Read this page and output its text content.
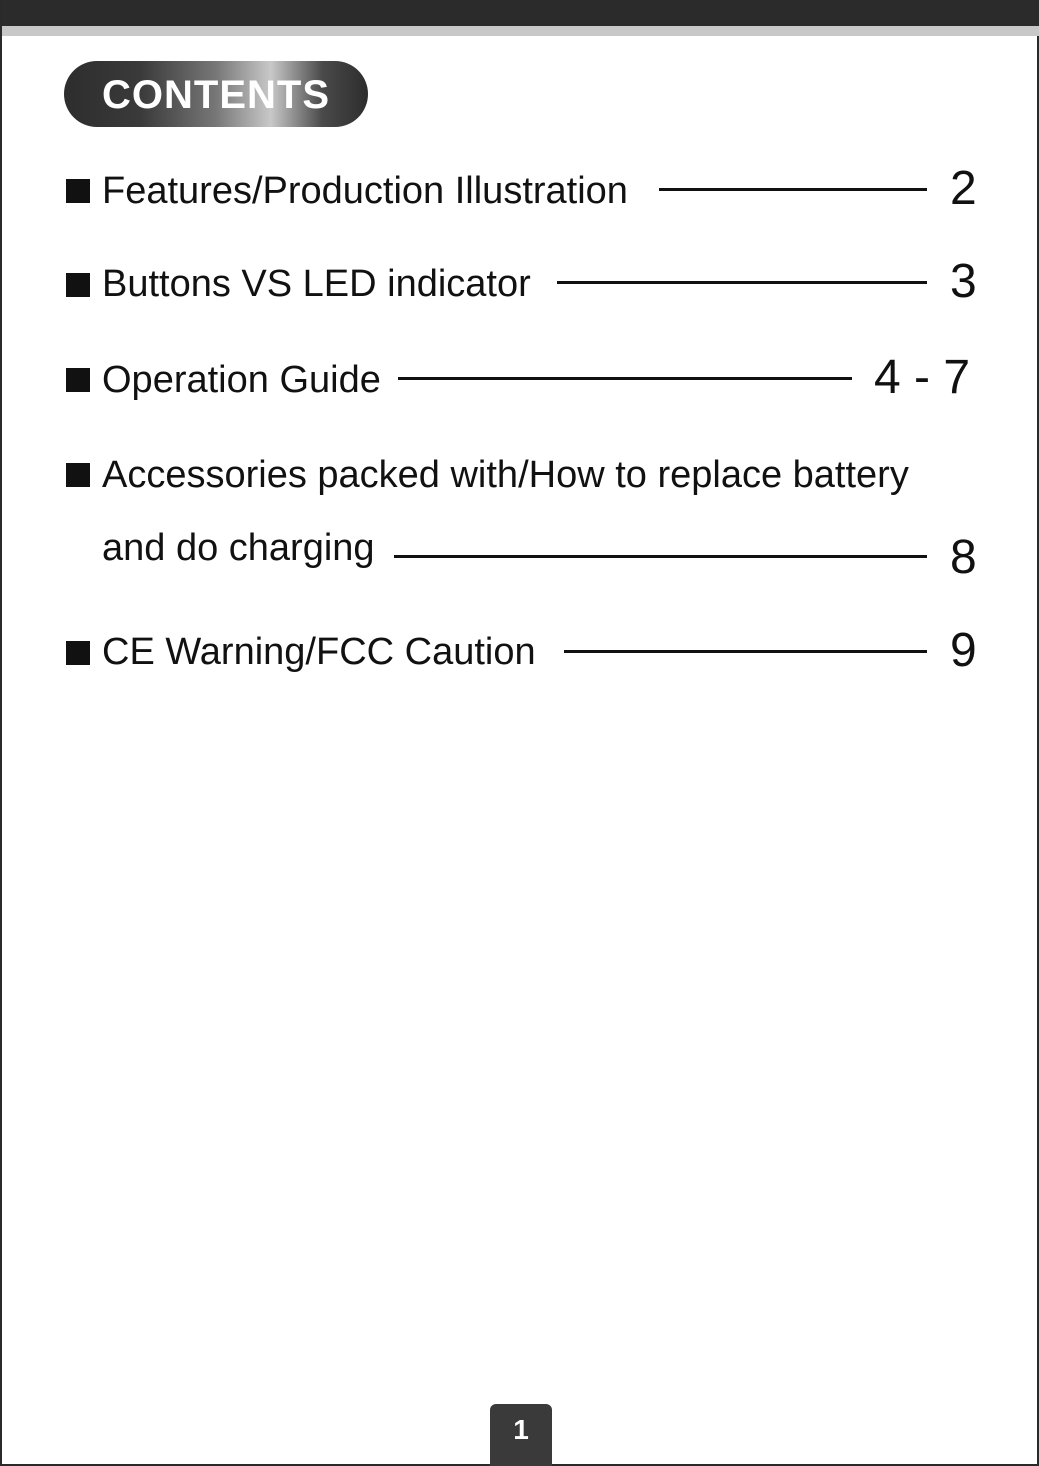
CONTENTS
Features/Production Illustration	2
Buttons VS LED indicator	3
Operation Guide	4 - 7
Accessories packed with/How to replace battery
and do charging	8
CE Warning/FCC Caution	9
1
